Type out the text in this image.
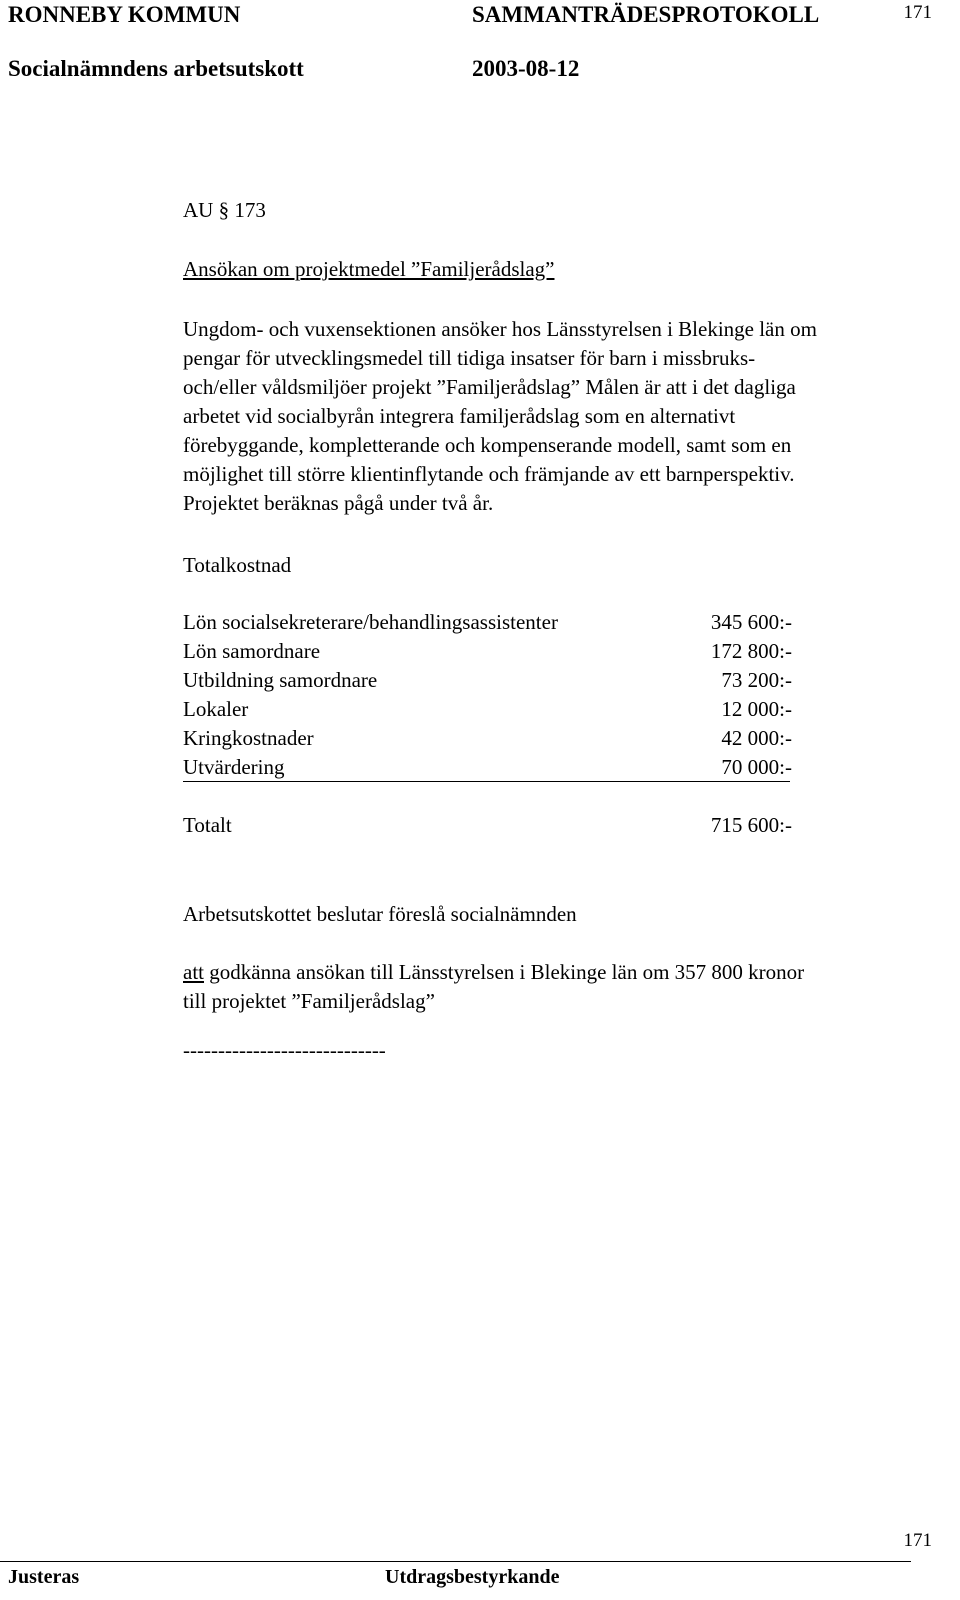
RONNEBY KOMMUN	SAMMANTRÄDESPROTOKOLL	171
Socialnämndens arbetsutskott	2003-08-12
AU § 173
Ansökan om projektmedel ”Familjerådslag”
Ungdom- och vuxensektionen ansöker hos Länsstyrelsen i Blekinge län om
pengar för utvecklingsmedel till tidiga insatser för barn i missbruks-
och/eller våldsmiljöer projekt ”Familjerådslag” Målen är att i det dagliga
arbetet vid socialbyrån integrera familjerådslag som en alternativt
förebyggande, kompletterande och kompenserande modell, samt som en
möjlighet till större klientinflytande och främjande av ett barnperspektiv.
Projektet beräknas pågå under två år.
Totalkostnad
Lön socialsekreterare/behandlingsassistenter	345 600:-
Lön samordnare	172 800:-
Utbildning samordnare	73 200:-
Lokaler	12 000:-
Kringkostnader	42 000:-
Utvärdering	70 000:-
Totalt	715 600:-
Arbetsutskottet beslutar föreslå socialnämnden
att godkänna ansökan till Länsstyrelsen i Blekinge län om 357 800 kronor
till projektet ”Familjerådslag”
-----------------------------
171
Justeras	Utdragsbestyrkande
